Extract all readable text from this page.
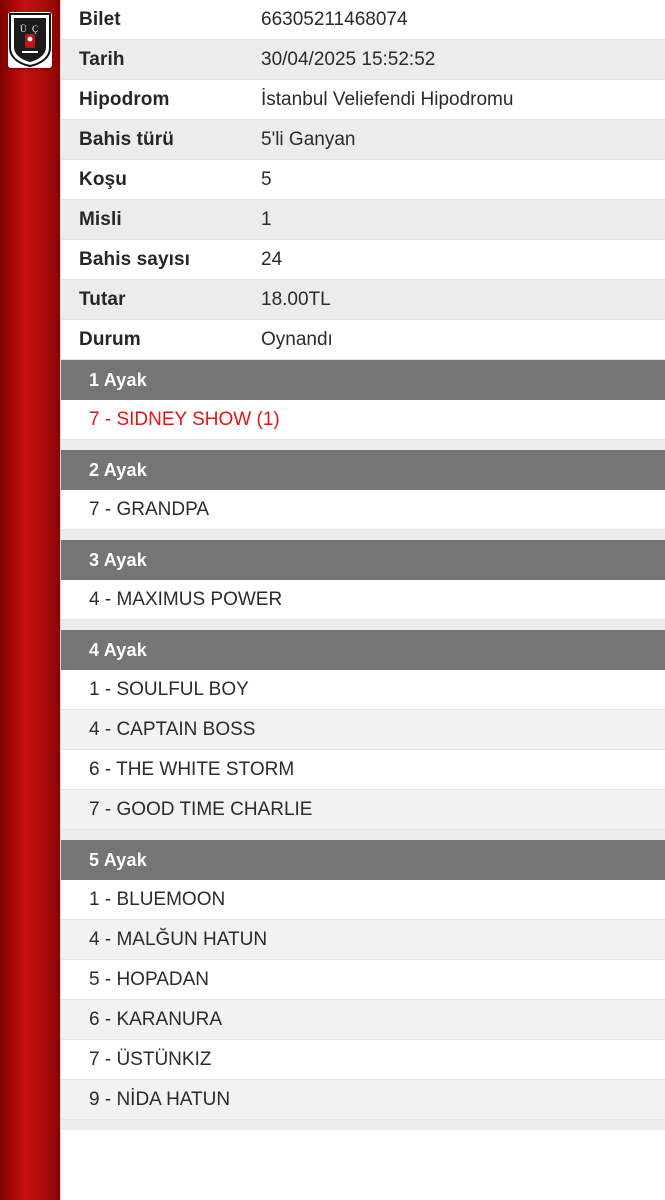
Ü Ç Bilet	66305211468074
Tarih	30/04/2025 15:52:52
Hipodrom	İstanbul Veliefendi Hipodromu
Bahis türü	5'li Ganyan
Koşu	5
Misli	1
Bahis sayısı	24
Tutar	18.00TL
Durum	Oynandı
1 Ayak
7 - SIDNEY SHOW (1)
2 Ayak
7 - GRANDPA
3 Ayak
4 - MAXIMUS POWER
4 Ayak
1 - SOULFUL BOY
4 - CAPTAIN BOSS
6 - THE WHITE STORM
7 - GOOD TIME CHARLIE
5 Ayak
1 - BLUEMOON
4 - MALĞUN HATUN
5 - HOPADAN
6 - KARANURA
7 - ÜSTÜNKIZ
9 - NİDA HATUN
